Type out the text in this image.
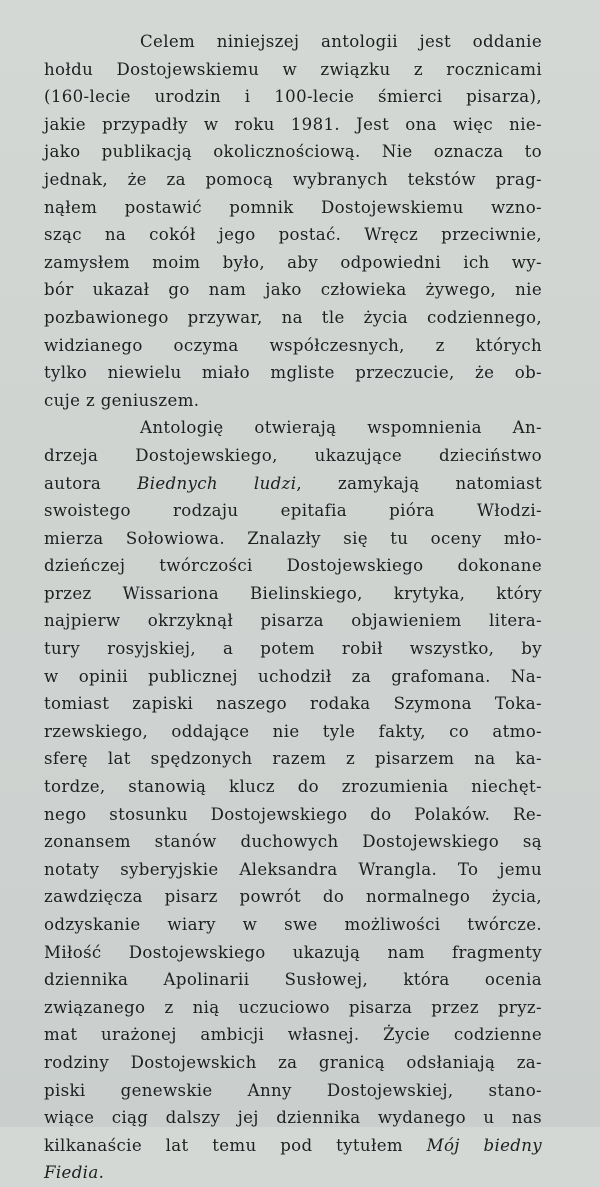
Celem niniejszej antologii jest oddanie
hołdu Dostojewskiemu w związku z rocznicami
(160-lecie urodzin i 100-lecie śmierci pisarza),
jakie przypadły w roku 1981. Jest ona więc nie-
jako publikacją okolicznościową. Nie oznacza to
jednak, że za pomocą wybranych tekstów prag-
nąłem postawić pomnik Dostojewskiemu wzno-
sząc na cokół jego postać. Wręcz przeciwnie,
zamysłem moim było, aby odpowiedni ich wy-
bór ukazał go nam jako człowieka żywego, nie
pozbawionego przywar, na tle życia codziennego,
widzianego oczyma współczesnych, z których
tylko niewielu miało mgliste przeczucie, że ob-
cuje z geniuszem.

Antologię otwierają wspomnienia An-
drzeja Dostojewskiego, ukazujące dzieciństwo
autora Biednych ludzi, zamykają natomiast
swoistego rodzaju epitafia pióra Włodzi-
mierza Sołowiowa. Znalazły się tu oceny mło-
dzieńczej twórczości Dostojewskiego dokonane
przez Wissariona Bielinskiego, krytyka, który
najpierw okrzyknął pisarza objawieniem litera-
tury rosyjskiej, a potem robił wszystko, by
w opinii publicznej uchodził za grafomana. Na-
tomiast zapiski naszego rodaka Szymona Toka-
rzewskiego, oddające nie tyle fakty, co atmo-
sferę lat spędzonych razem z pisarzem na ka-
tordze, stanowią klucz do zrozumienia niechęt-
nego stosunku Dostojewskiego do Polaków. Re-
zonansem stanów duchowych Dostojewskiego są
notaty syberyjskie Aleksandra Wrangla. To jemu
zawdzięcza pisarz powrót do normalnego życia,
odzyskanie wiary w swe możliwości twórcze.
Miłość Dostojewskiego ukazują nam fragmenty
dziennika Apolinarii Susłowej, która ocenia
związanego z nią uczuciowo pisarza przez pryz-
mat urażonej ambicji własnej. Życie codzienne
rodziny Dostojewskich za granicą odsłaniają za-
piski genewskie Anny Dostojewskiej, stano-
wiące ciąg dalszy jej dziennika wydanego u nas
kilkanaście lat temu pod tytułem Mój biedny
Fiedia.
